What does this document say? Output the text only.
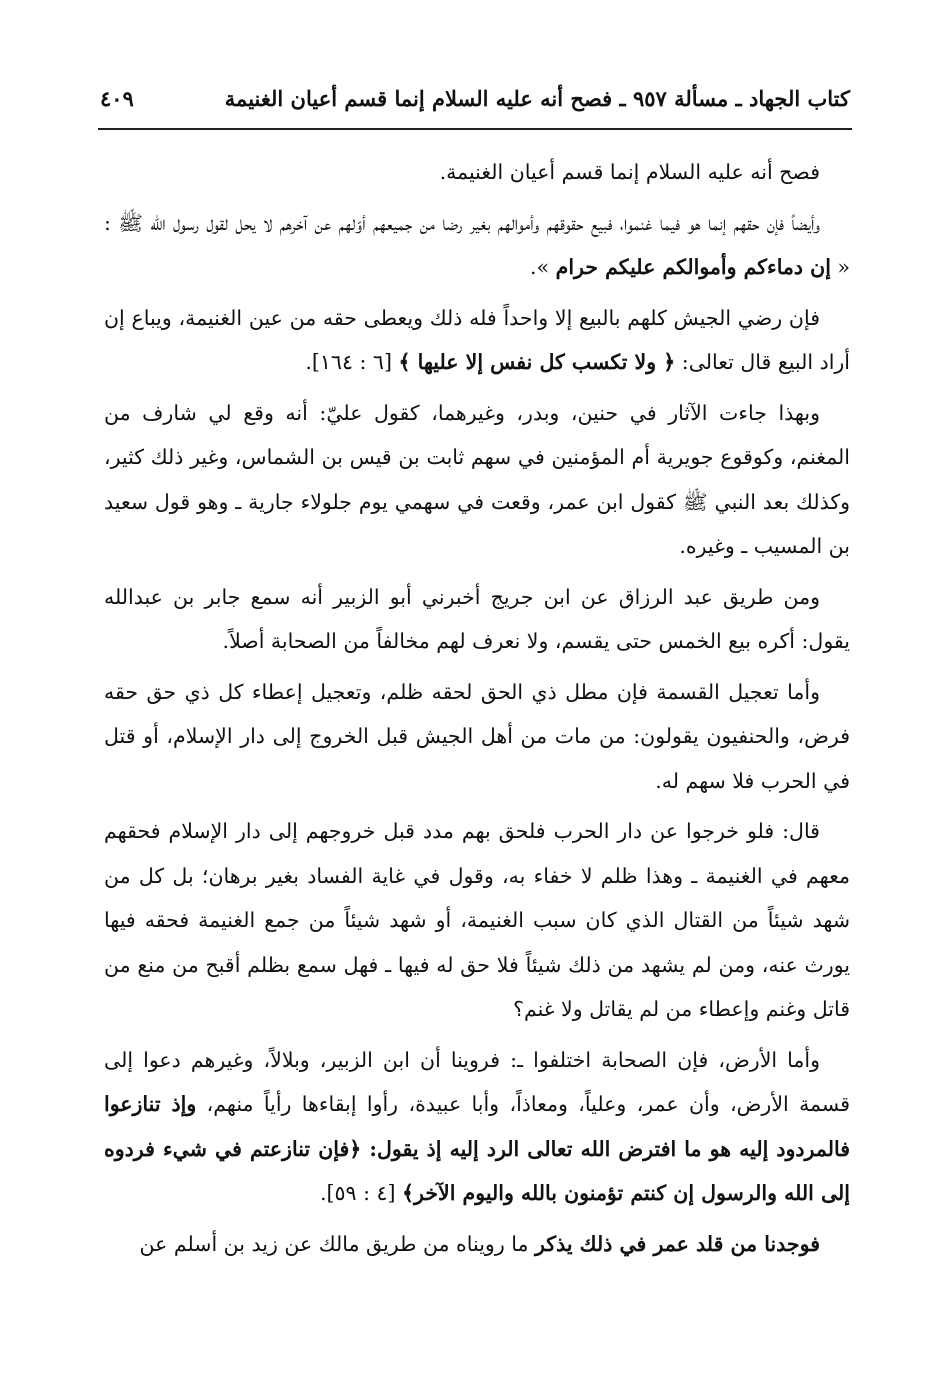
كتاب الجهاد ـ مسألة ٩٥٧ ـ فصح أنه عليه السلام إنما قسم أعيان الغنيمة
٤٠٩

فصح أنه عليه السلام إنما قسم أعيان الغنيمة.

وأيضاً فإن حقهم إنما هو فيما غنموا، فبيع حقوقهم وأموالهم بغير رضا من جميعهم أوّلهم عن آخرهم لا يحل لقول رسول الله ﷺ : « إن دماءكم وأموالكم عليكم حرام ».

فإن رضي الجيش كلهم بالبيع إلا واحداً فله ذلك ويعطى حقه من عين الغنيمة، ويباع إن أراد البيع قال تعالى: ﴿ ولا تكسب كل نفس إلا عليها ﴾ [٦ : ١٦٤].

وبهذا جاءت الآثار في حنين، وبدر، وغيرهما، كقول عليّ: أنه وقع لي شارف من المغنم، وكوقوع جويرية أم المؤمنين في سهم ثابت بن قيس بن الشماس، وغير ذلك كثير، وكذلك بعد النبي ﷺ كقول ابن عمر، وقعت في سهمي يوم جلولاء جارية ـ وهو قول سعيد بن المسيب ـ وغيره.

ومن طريق عبد الرزاق عن ابن جريج أخبرني أبو الزبير أنه سمع جابر بن عبدالله يقول: أكره بيع الخمس حتى يقسم، ولا نعرف لهم مخالفاً من الصحابة أصلاً.

وأما تعجيل القسمة فإن مطل ذي الحق لحقه ظلم، وتعجيل إعطاء كل ذي حق حقه فرض، والحنفيون يقولون: من مات من أهل الجيش قبل الخروج إلى دار الإسلام، أو قتل في الحرب فلا سهم له.

قال: فلو خرجوا عن دار الحرب فلحق بهم مدد قبل خروجهم إلى دار الإسلام فحقهم معهم في الغنيمة ـ وهذا ظلم لا خفاء به، وقول في غاية الفساد بغير برهان؛ بل كل من شهد شيئاً من القتال الذي كان سبب الغنيمة، أو شهد شيئاً من جمع الغنيمة فحقه فيها يورث عنه، ومن لم يشهد من ذلك شيئاً فلا حق له فيها ـ فهل سمع بظلم أقبح من منع من قاتل وغنم وإعطاء من لم يقاتل ولا غنم؟

وأما الأرض، فإن الصحابة اختلفوا ـ: فروينا أن ابن الزبير، وبلالاً، وغيرهم دعوا إلى قسمة الأرض، وأن عمر، وعلياً، ومعاذاً، وأبا عبيدة، رأوا إبقاءها رأياً منهم، وإذ تنازعوا فالمردود إليه هو ما افترض الله تعالى الرد إليه إذ يقول: ﴿فإن تنازعتم في شيء فردوه إلى الله والرسول إن كنتم تؤمنون بالله واليوم الآخر﴾ [٤ : ٥٩].

فوجدنا من قلد عمر في ذلك يذكر ما رويناه من طريق مالك عن زيد بن أسلم عن
